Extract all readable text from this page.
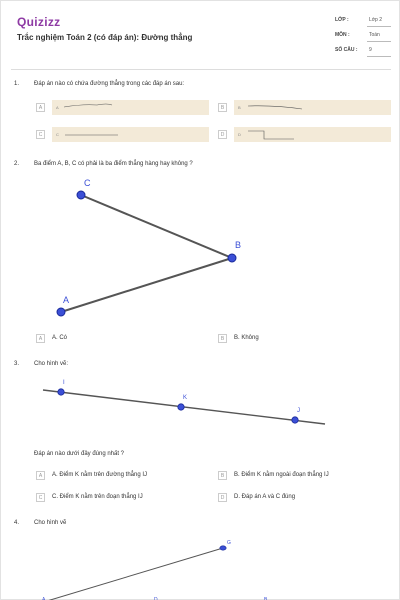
Quizizz
Trắc nghiệm Toán 2 (có đáp án): Đường thẳng
LỚP :	Lớp 2
MÔN :	Toán
SỐ CÂU : 9
1. Đáp án nào có chứa đường thẳng trong các đáp án sau:
A	A	B	B
C	C	D	D
2. Ba điểm A, B, C có phải là ba điểm thẳng hàng hay không ?
C
B
A
A	A. Có	B	B. Không
3. Cho hình vẽ:
I
K
J
Đáp án nào dưới đây đúng nhất ?
A	A. Điểm K nằm trên đường thẳng IJ	B	B. Điểm K nằm ngoài đoạn thẳng IJ
C	C. Điểm K nằm trên đoạn thẳng IJ	D	D. Đáp án A và C đúng
4. Cho hình vẽ
G
A	D	B
